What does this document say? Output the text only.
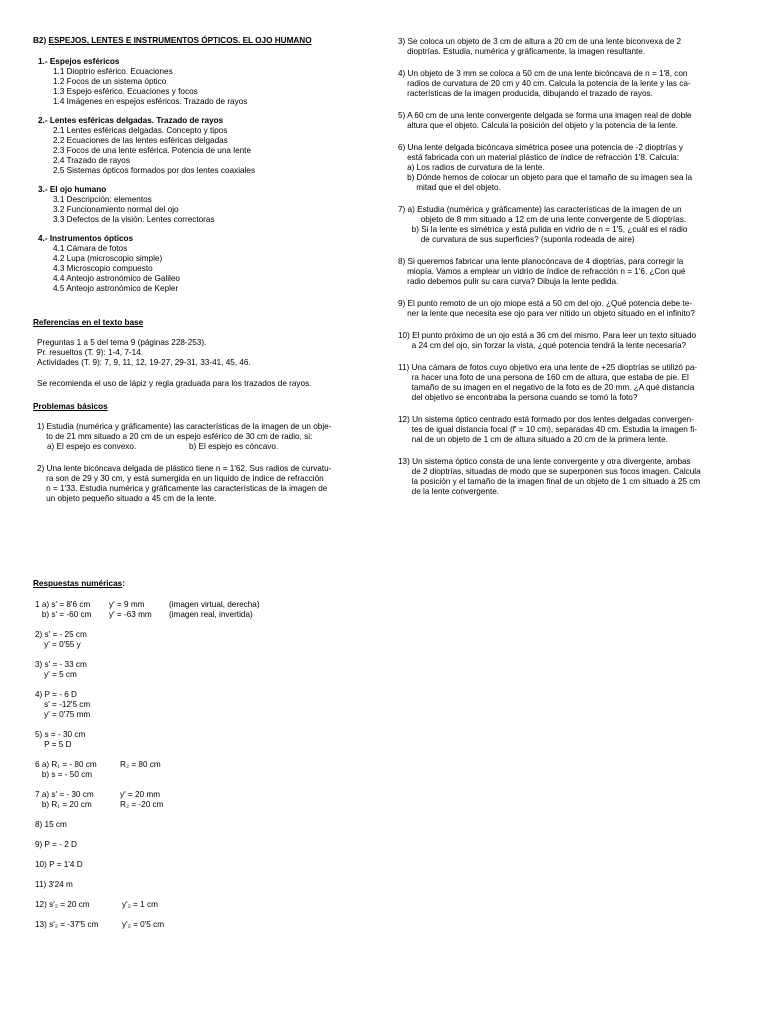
B2) ESPEJOS, LENTES E INSTRUMENTOS ÓPTICOS. EL OJO HUMANO
1.- Espejos esféricos
1.1 Dioptrio esférico. Ecuaciones
1.2 Focos de un sistema óptico
1.3 Espejo esférico. Ecuaciones y focos
1.4 Imágenes en espejos esféricos. Trazado de rayos
2.- Lentes esféricas delgadas. Trazado de rayos
2.1 Lentes esféricas delgadas. Concepto y tipos
2.2 Ecuaciones de las lentes esféricas delgadas
2.3 Focos de una lente esférica. Potencia de una lente
2.4 Trazado de rayos
2.5 Sistemas ópticos formados por dos lentes coaxiales
3.- El ojo humano
3.1 Descripción: elementos
3.2 Funcionamiento normal del ojo
3.3 Defectos de la visión. Lentes correctoras
4.- Instrumentos ópticos
4.1 Cámara de fotos
4.2 Lupa (microscopio simple)
4.3 Microscopio compuesto
4.4 Anteojo astronómico de Galileo
4.5 Anteojo astronómico de Kepler
Referencias en el texto base
Preguntas 1 a 5 del tema 9 (páginas 228-253).
Pr. resueltos (T. 9): 1-4, 7-14.
Actividades (T. 9): 7, 9, 11, 12, 19-27, 29-31, 33-41, 45, 46.
Se recomienda el uso de lápiz y regla graduada para los trazados de rayos.
Problemas básicos
1) Estudia (numérica y gráficamente) las características de la imagen de un obje-
to de 21 mm situado a 20 cm de un espejo esférico de 30 cm de radio, si:
a) El espejo es convexo.	b) El espejo es cóncavo.
2) Una lente bicóncava delgada de plástico tiene n = 1'62. Sus radios de curvatu-
ra son de 29 y 30 cm, y está sumergida en un líquido de índice de refracción
n = 1'33. Estudia numérica y gráficamente las características de la imagen de
un objeto pequeño situado a 45 cm de la lente.
Respuestas numéricas:
1 a) s' = 8'6 cm y' = 9 mm	(imagen virtual, derecha)
b) s' = -60 cm y' = -63 mm (imagen real, invertida)
2) s' = - 25 cm
y' = 0'55 y
3) s' = - 33 cm
y' = 5 cm
4) P = - 6 D
s' = -12'5 cm
y' = 0'75 mm
5) s = - 30 cm
P = 5 D
6 a) R₁ = - 80 cm	R₂ = 80 cm
b) s = - 50 cm
7 a) s' = - 30 cm	y' = 20 mm
b) R₁ = 20 cm	R₂ = -20 cm
8) 15 cm
9) P = - 2 D
10) P = 1'4 D
11) 3'24 m
12) s'₂ = 20 cm	y'₂ = 1 cm
13) s'₂ = -37'5 cm	y'₂ = 0'5 cm
3) Se coloca un objeto de 3 cm de altura a 20 cm de una lente biconvexa de 2
dioptrías. Estudia, numérica y gráficamente, la imagen resultante.
4) Un objeto de 3 mm se coloca a 50 cm de una lente bicóncava de n = 1'8, con
radios de curvatura de 20 cm y 40 cm. Calcula la potencia de la lente y las ca-
racterísticas de la imagen producida, dibujando el trazado de rayos.
5) A 60 cm de una lente convergente delgada se forma una imagen real de doble
altura que el objeto. Calcula la posición del objeto y la potencia de la lente.
6) Una lente delgada bicóncava simétrica posee una potencia de -2 dioptrías y
está fabricada con un material plástico de índice de refracción 1'8. Calcula:
a) Los radios de curvatura de la lente.
b) Dónde hemos de colocar un objeto para que el tamaño de su imagen sea la
mitad que el del objeto.
7) a) Estudia (numérica y gráficamente) las características de la imagen de un
objeto de 8 mm situado a 12 cm de una lente convergente de 5 dioptrías.
b) Si la lente es simétrica y está pulida en vidrio de n = 1'5, ¿cuál es el radio
de curvatura de sus superficies? (suponla rodeada de aire)
8) Si queremos fabricar una lente planocóncava de 4 dioptrías, para corregir la
miopía. Vamos a emplear un vidrio de índice de refracción n = 1'6. ¿Con qué
radio debemos pulir su cara curva? Dibuja la lente pedida.
9) El punto remoto de un ojo miope está a 50 cm del ojo. ¿Qué potencia debe te-
ner la lente que necesita ese ojo para ver nítido un objeto situado en el infinito?
10) El punto próximo de un ojo está a 36 cm del mismo. Para leer un texto situado
a 24 cm del ojo, sin forzar la vista, ¿qué potencia tendrá la lente necesaria?
11) Una cámara de fotos cuyo objetivo era una lente de +25 dioptrías se utilizó pa-
ra hacer una foto de una persona de 160 cm de altura, que estaba de pie. El
tamaño de su imagen en el negativo de la foto es de 20 mm. ¿A qué distancia
del objetivo se encontraba la persona cuando se tomó la foto?
12) Un sistema óptico centrado está formado por dos lentes delgadas convergen-
tes de igual distancia focal (f' = 10 cm), separadas 40 cm. Estudia la imagen fi-
nal de un objeto de 1 cm de altura situado a 20 cm de la primera lente.
13) Un sistema óptico consta de una lente convergente y otra divergente, ambas
de 2 dioptrías, situadas de modo que se superponen sus focos imagen. Calcula
la posición y el tamaño de la imagen final de un objeto de 1 cm situado a 25 cm
de la lente convergente.
